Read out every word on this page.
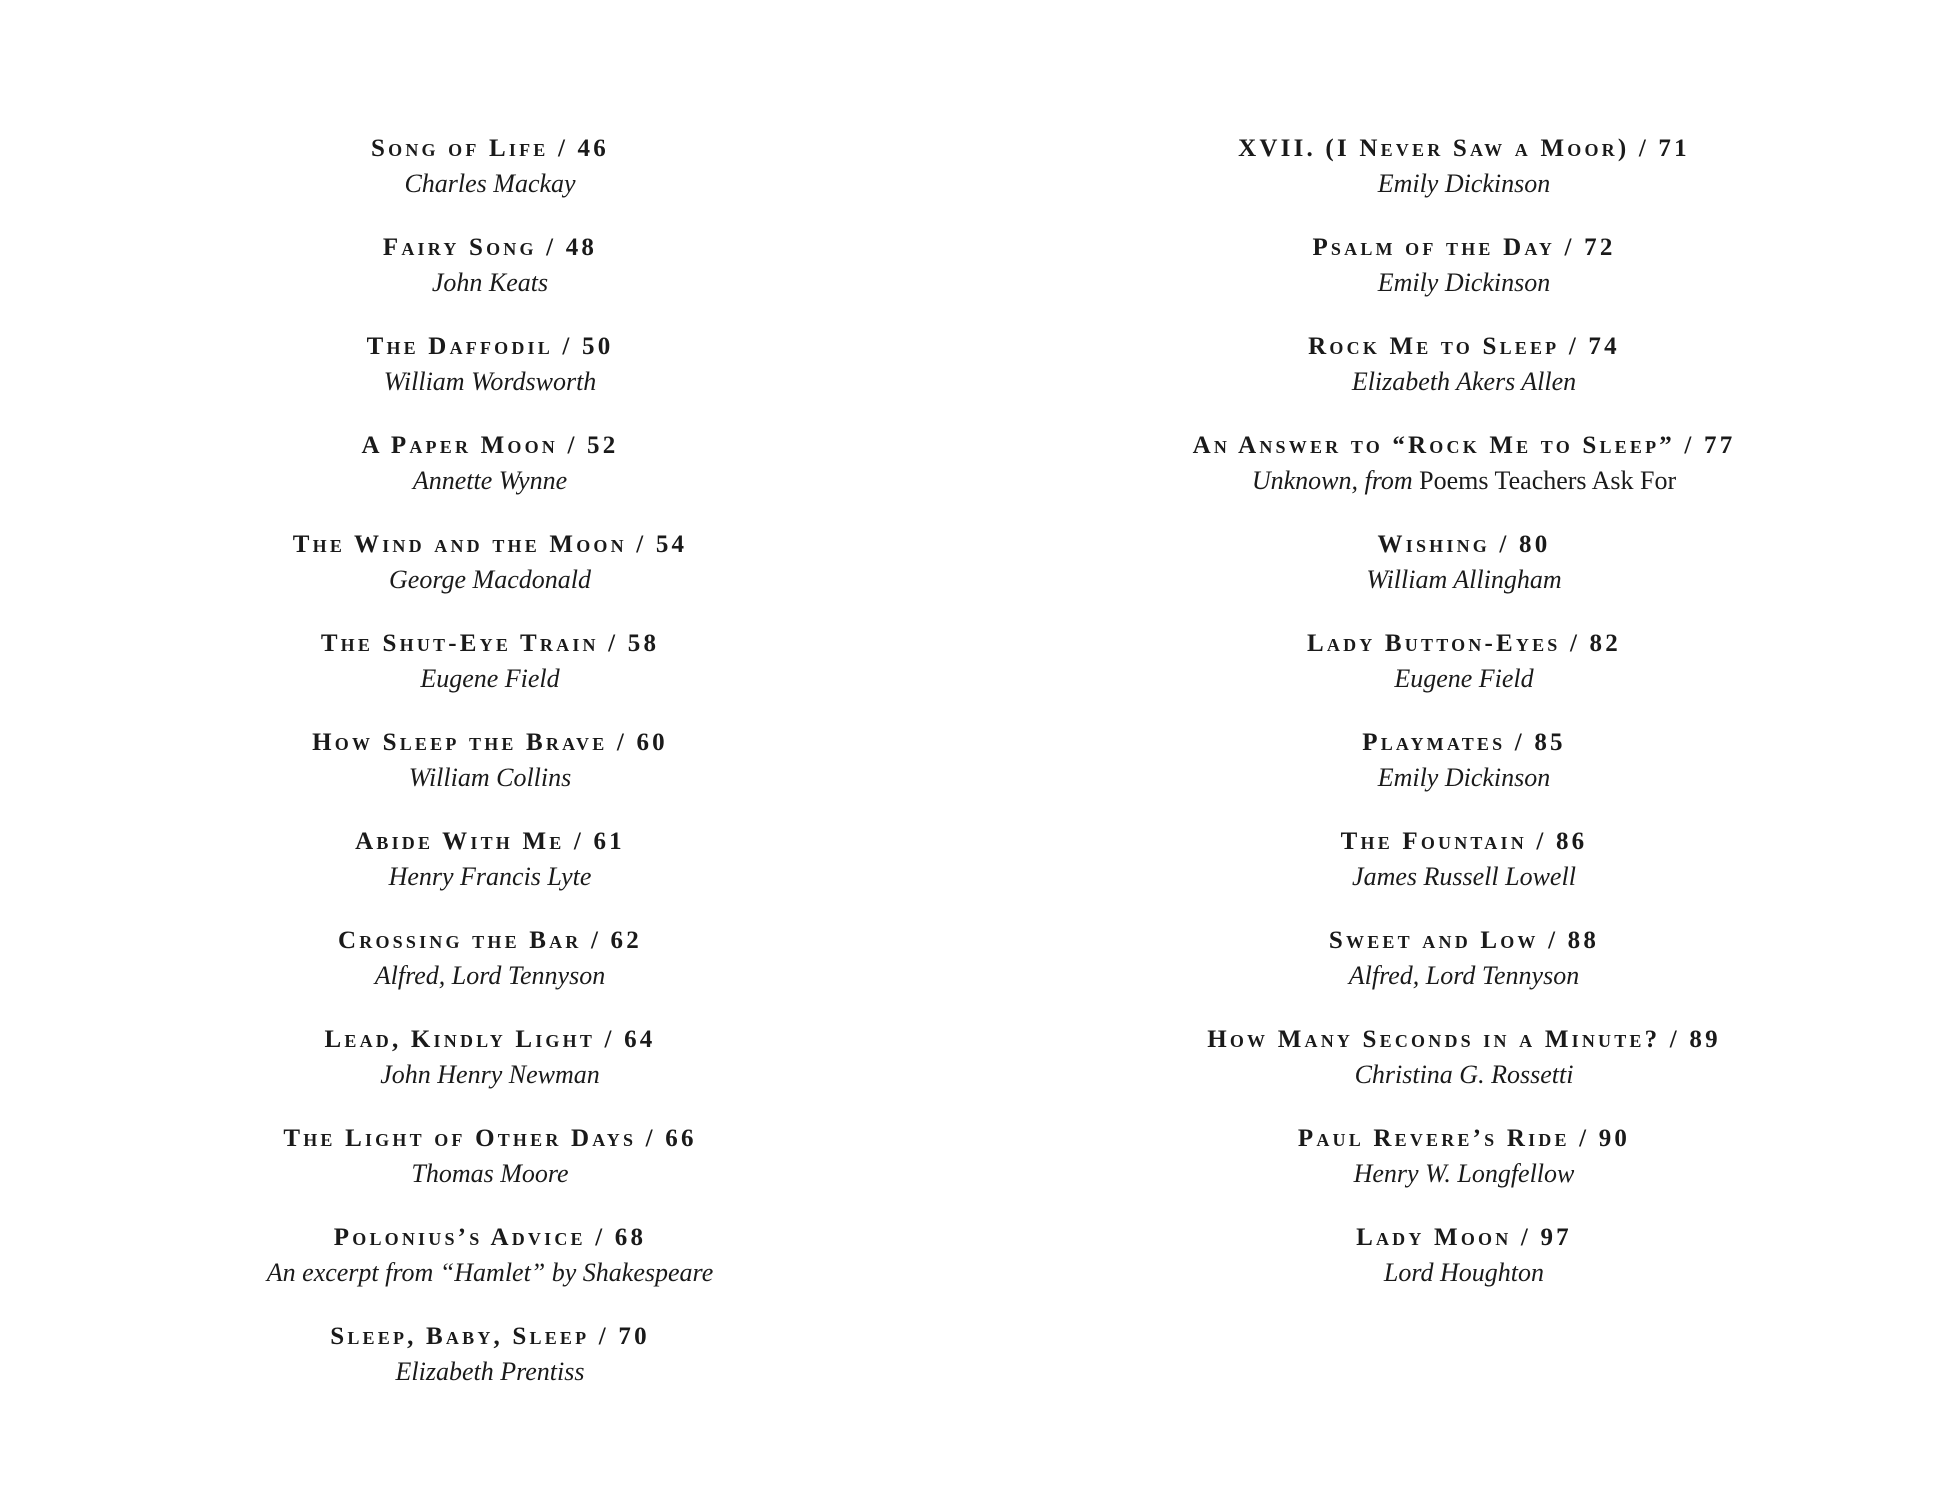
Song of Life / 46
Charles Mackay
Fairy Song / 48
John Keats
The Daffodil / 50
William Wordsworth
A Paper Moon / 52
Annette Wynne
The Wind and the Moon / 54
George Macdonald
The Shut-Eye Train / 58
Eugene Field
How Sleep the Brave / 60
William Collins
Abide With Me / 61
Henry Francis Lyte
Crossing the Bar / 62
Alfred, Lord Tennyson
Lead, Kindly Light / 64
John Henry Newman
The Light of Other Days / 66
Thomas Moore
Polonius’s Advice / 68
An excerpt from “Hamlet” by Shakespeare
Sleep, Baby, Sleep / 70
Elizabeth Prentiss
XVII. (I Never Saw a Moor) / 71
Emily Dickinson
Psalm of the Day / 72
Emily Dickinson
Rock Me to Sleep / 74
Elizabeth Akers Allen
An Answer to “Rock Me to Sleep” / 77
Unknown, from Poems Teachers Ask For
Wishing / 80
William Allingham
Lady Button-Eyes / 82
Eugene Field
Playmates / 85
Emily Dickinson
The Fountain / 86
James Russell Lowell
Sweet and Low / 88
Alfred, Lord Tennyson
How Many Seconds in a Minute? / 89
Christina G. Rossetti
Paul Revere’s Ride / 90
Henry W. Longfellow
Lady Moon / 97
Lord Houghton
